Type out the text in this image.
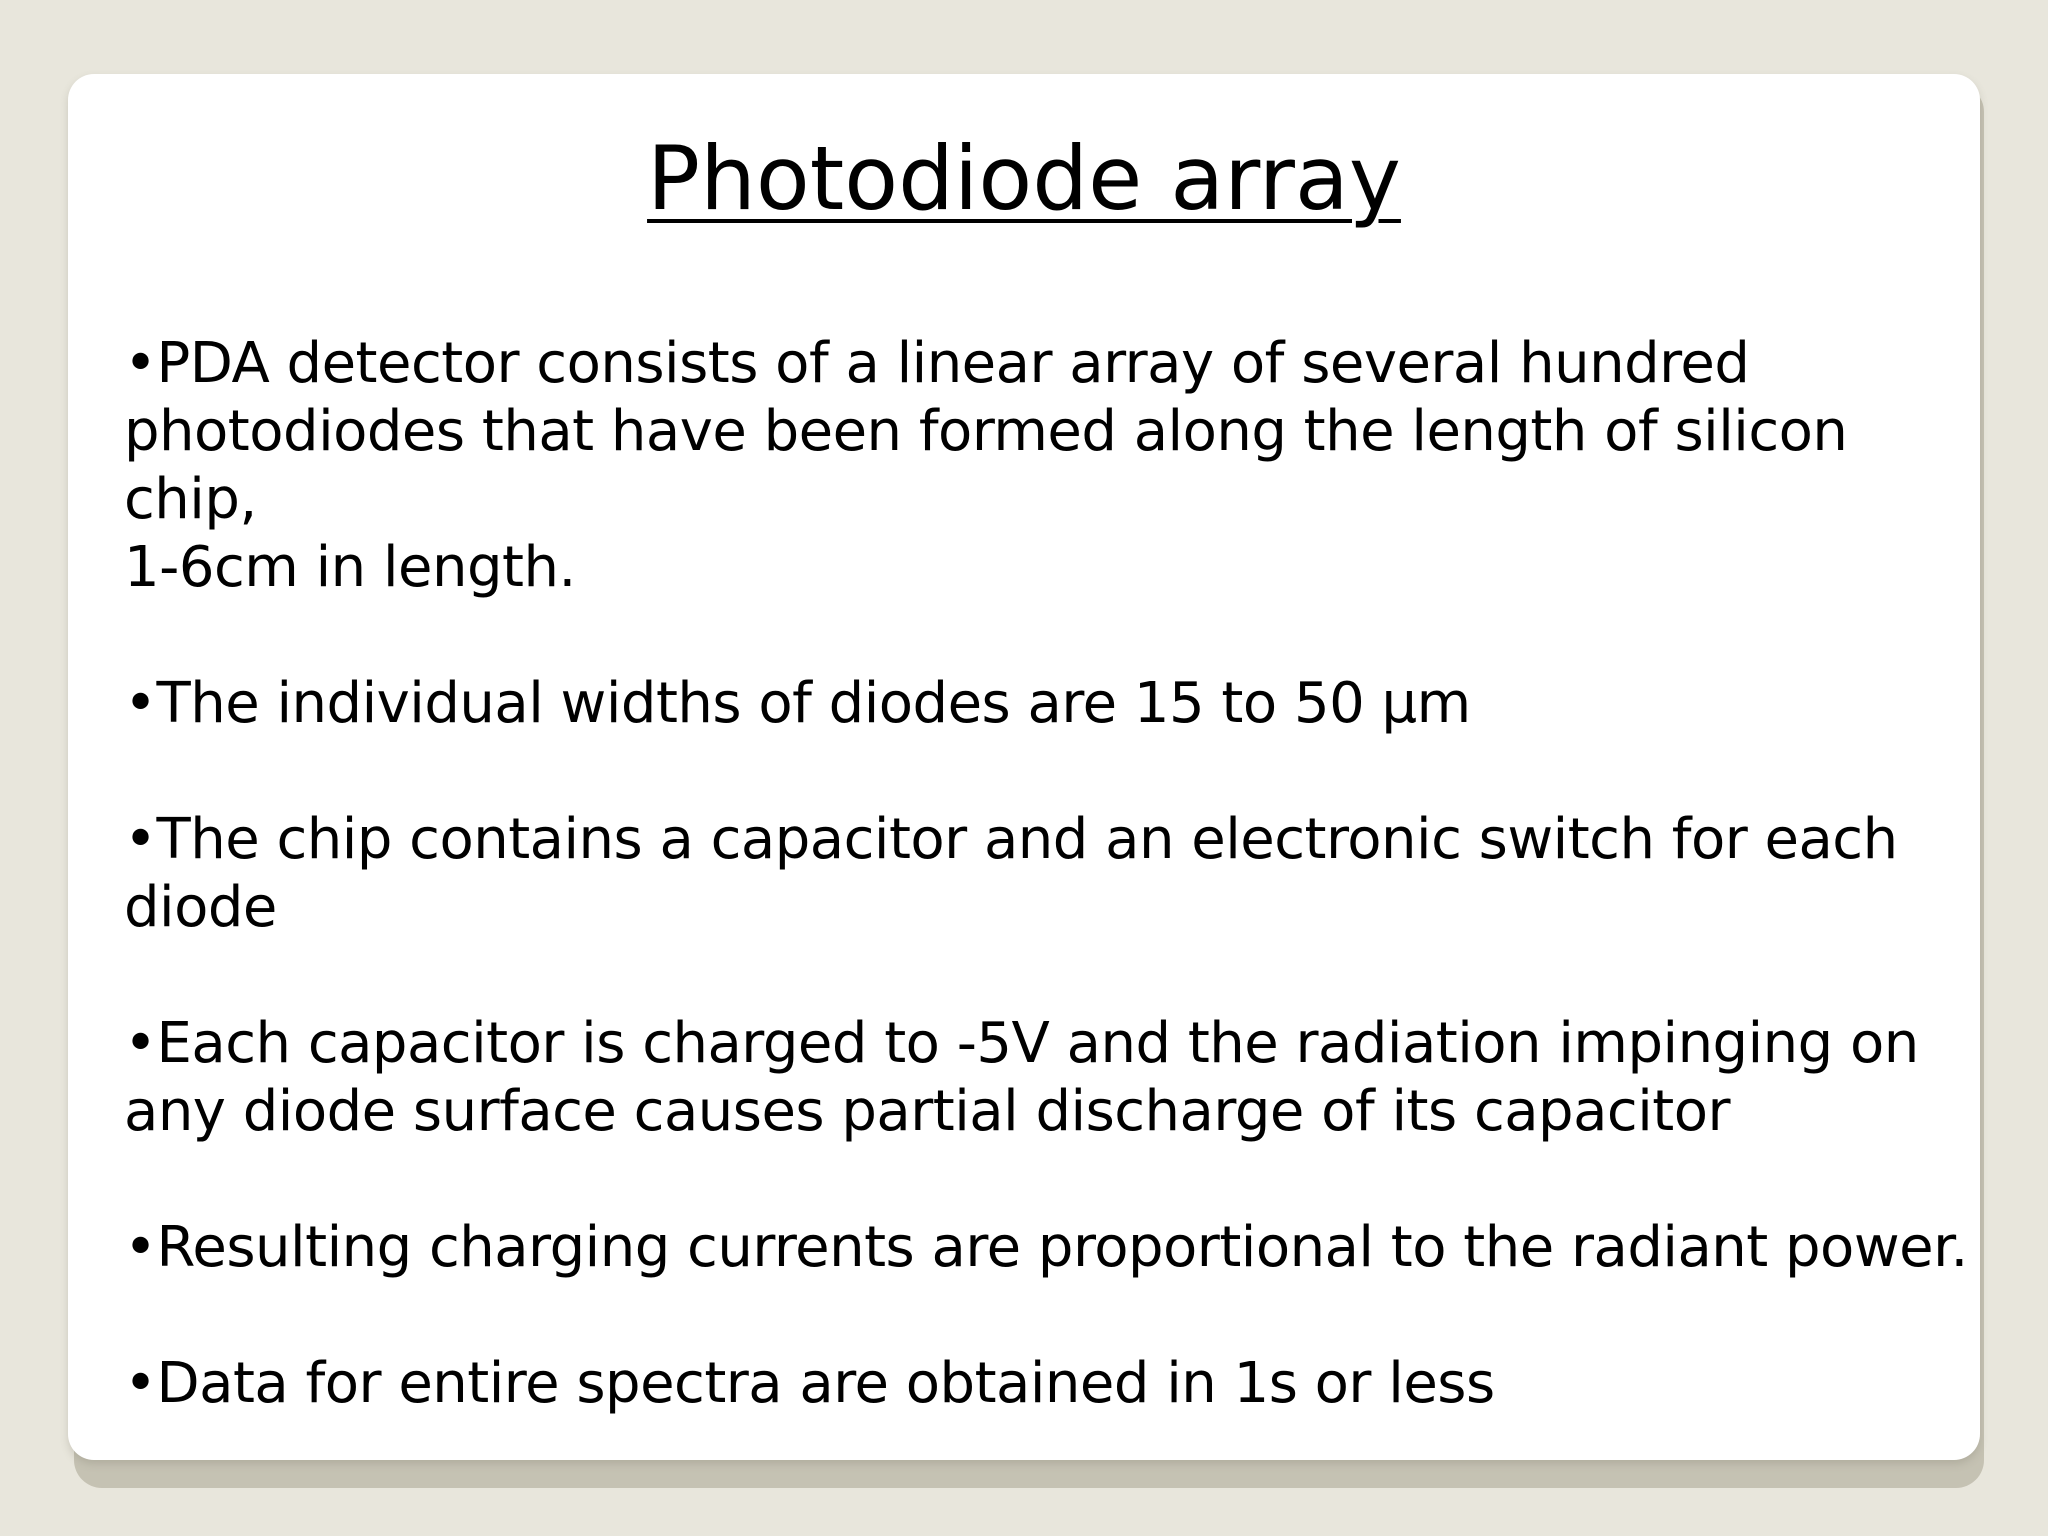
Photodiode array
•PDA detector consists of a linear array of several hundred
photodiodes that have been formed along the length of silicon chip,
1-6cm in length.
•The individual widths of diodes are 15 to 50 μm
•The chip contains a capacitor and an electronic switch for each
diode
•Each capacitor is charged to -5V and the radiation impinging on
any diode surface causes partial discharge of its capacitor
•Resulting charging currents are proportional to the radiant power.
•Data for entire spectra are obtained in 1s or less
